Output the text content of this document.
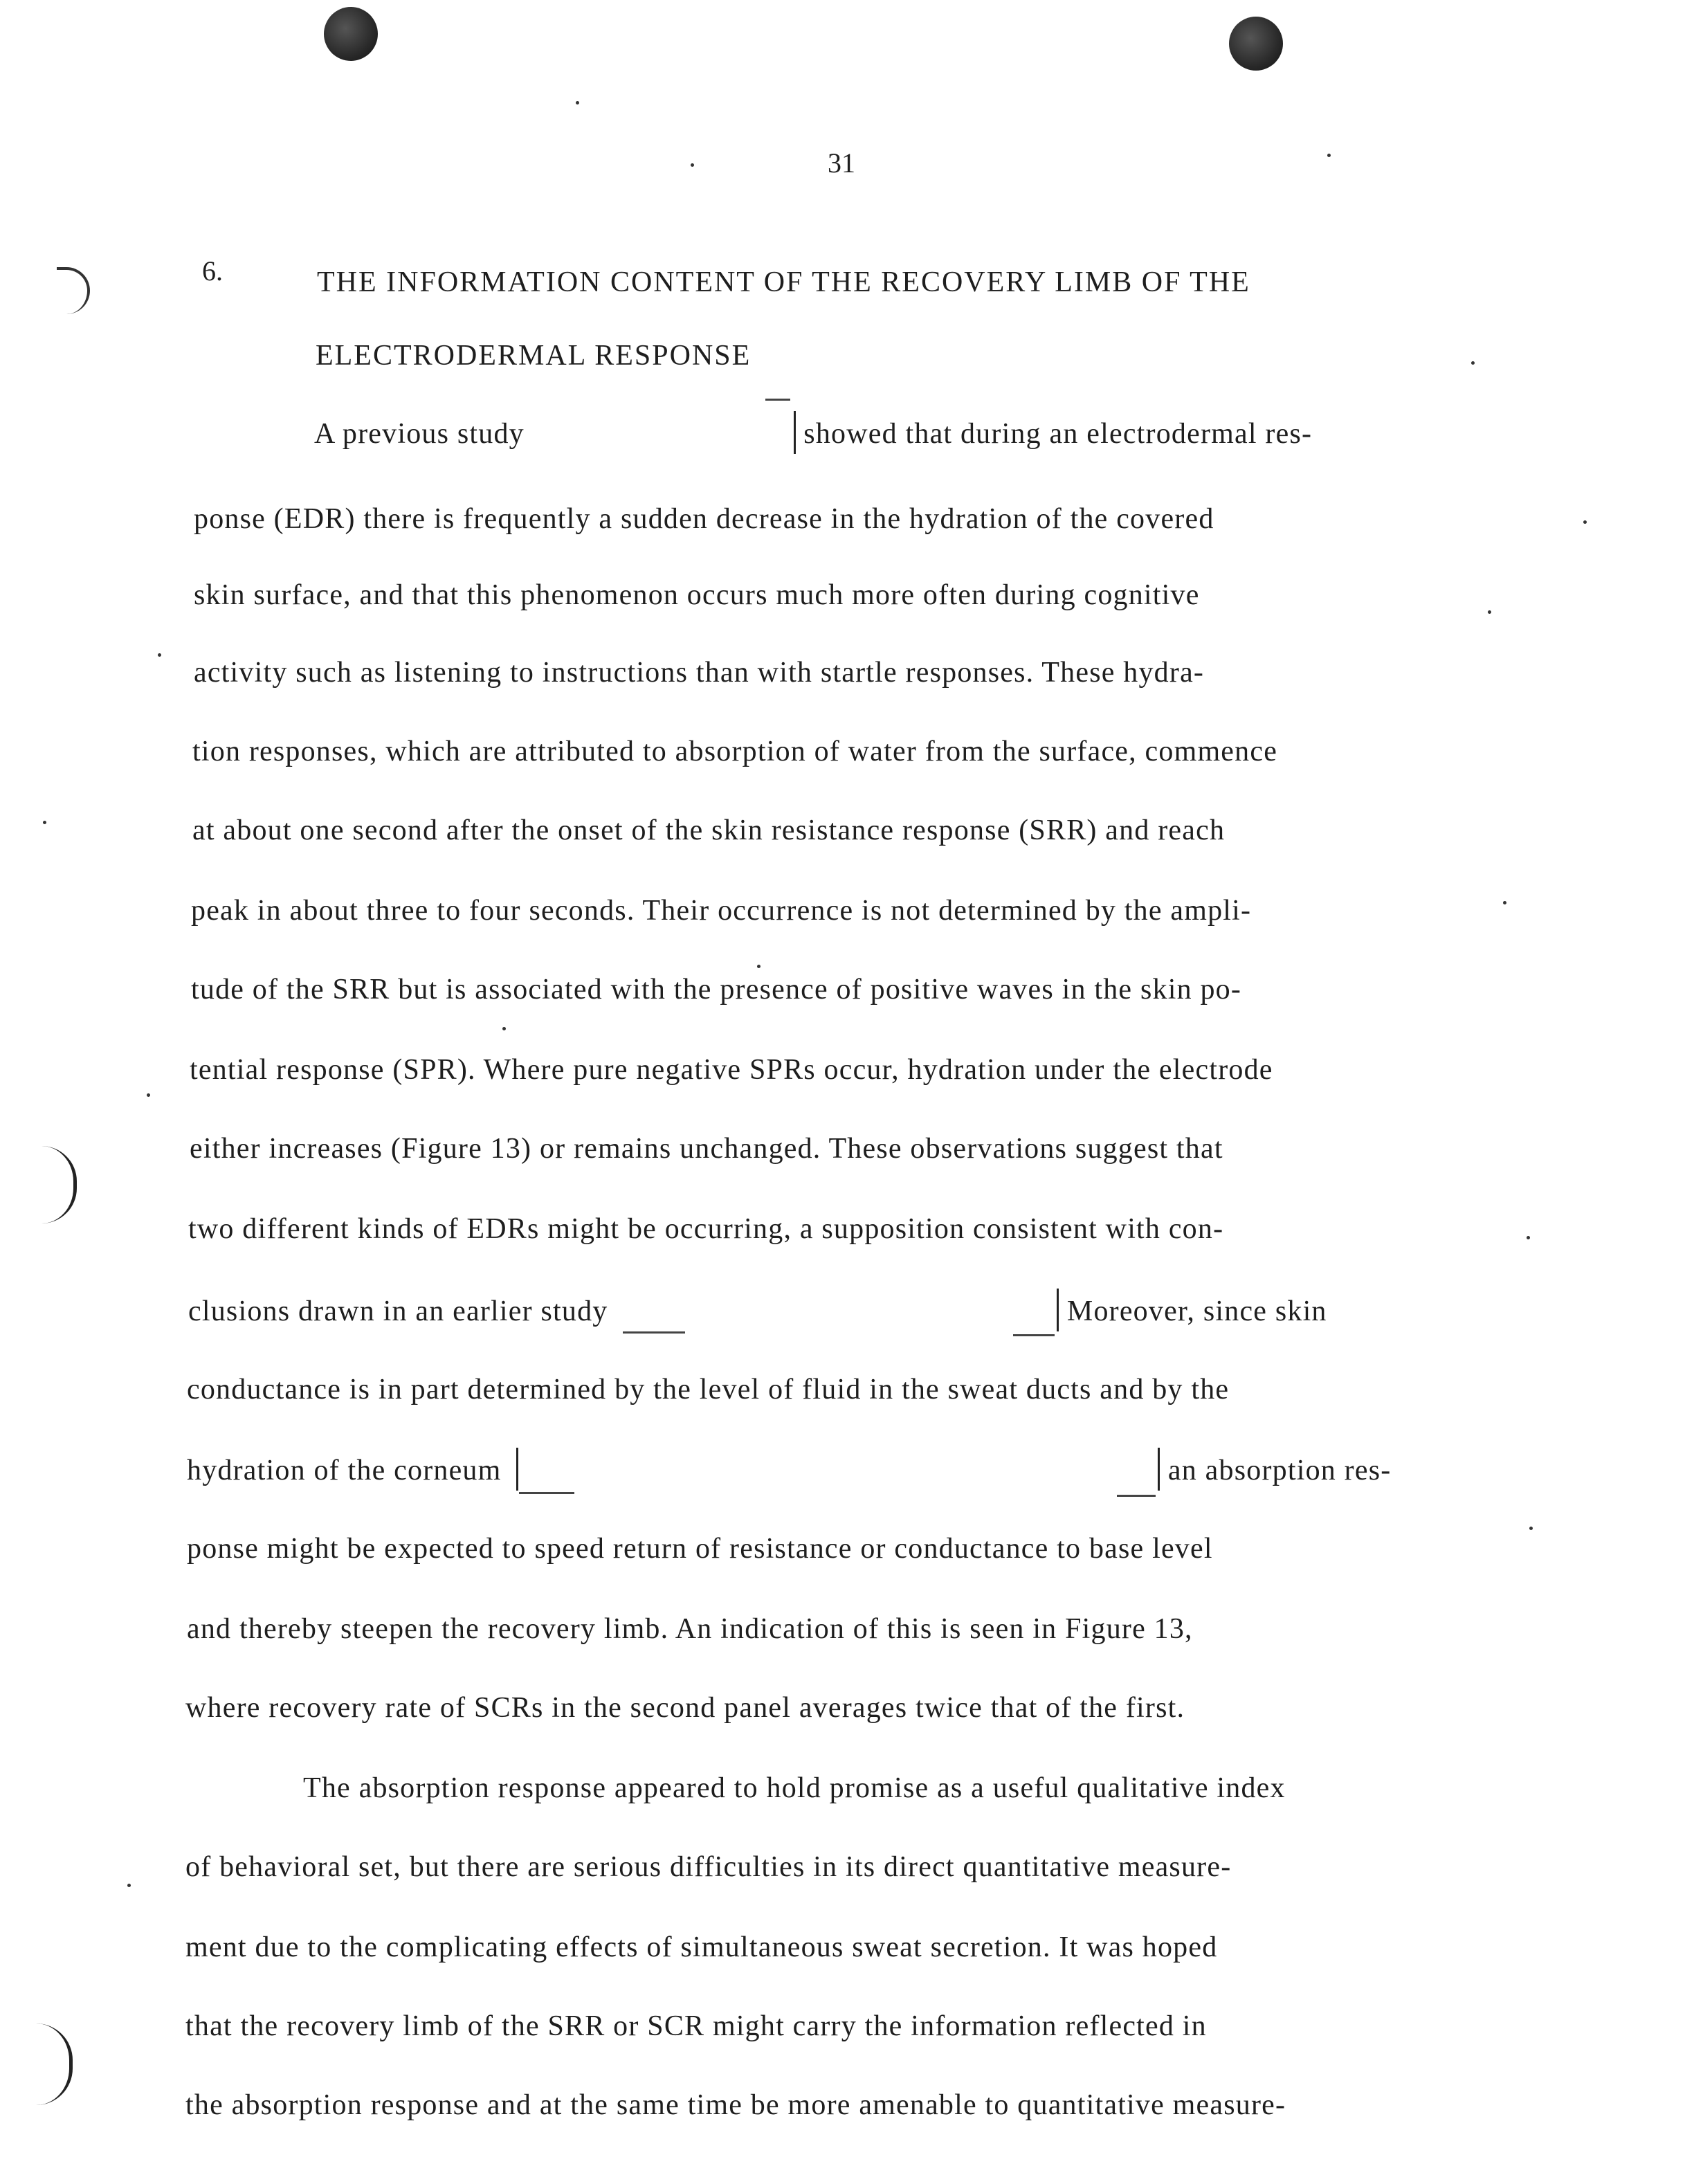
31
6.	THE INFORMATION CONTENT OF THE RECOVERY LIMB OF THE
ELECTRODERMAL RESPONSE
A previous study	showed that during an electrodermal res-
ponse (EDR) there is frequently a sudden decrease in the hydration of the covered
skin surface, and that this phenomenon occurs much more often during cognitive
activity such as listening to instructions than with startle responses. These hydra-
tion responses, which are attributed to absorption of water from the surface, commence
at about one second after the onset of the skin resistance response (SRR) and reach
peak in about three to four seconds. Their occurrence is not determined by the ampli-
tude of the SRR but is associated with the presence of positive waves in the skin po-
tential response (SPR). Where pure negative SPRs occur, hydration under the electrode
either increases (Figure 13) or remains unchanged. These observations suggest that
two different kinds of EDRs might be occurring, a supposition consistent with con-
clusions drawn in an earlier study	Moreover, since skin
conductance is in part determined by the level of fluid in the sweat ducts and by the
hydration of the corneum	an absorption res-
ponse might be expected to speed return of resistance or conductance to base level
and thereby steepen the recovery limb. An indication of this is seen in Figure 13,
where recovery rate of SCRs in the second panel averages twice that of the first.
The absorption response appeared to hold promise as a useful qualitative index
of behavioral set, but there are serious difficulties in its direct quantitative measure-
ment due to the complicating effects of simultaneous sweat secretion. It was hoped
that the recovery limb of the SRR or SCR might carry the information reflected in
the absorption response and at the same time be more amenable to quantitative measure-
